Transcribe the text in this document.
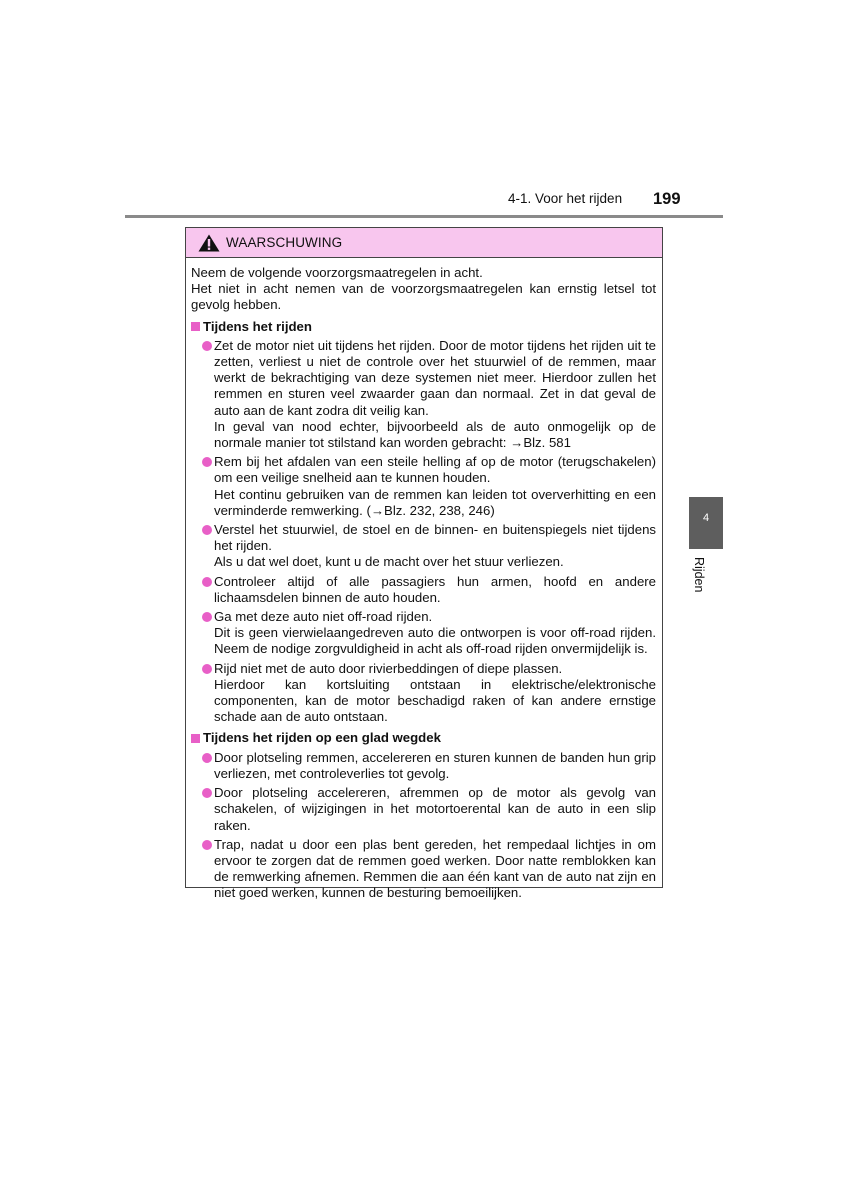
4-1. Voor het rijden 199
4
Rijden
WAARSCHUWING

Neem de volgende voorzorgsmaatregelen in acht.

Het niet in acht nemen van de voorzorgsmaatregelen kan ernstig letsel tot gevolg hebben.

Tijdens het rijden

Zet de motor niet uit tijdens het rijden. Door de motor tijdens het rijden uit te zetten, verliest u niet de controle over het stuurwiel of de remmen, maar werkt de bekrachtiging van deze systemen niet meer. Hierdoor zullen het remmen en sturen veel zwaarder gaan dan normaal. Zet in dat geval de auto aan de kant zodra dit veilig kan.

In geval van nood echter, bijvoorbeeld als de auto onmogelijk op de normale manier tot stilstand kan worden gebracht: →Blz. 581

Rem bij het afdalen van een steile helling af op de motor (terugschakelen) om een veilige snelheid aan te kunnen houden.

Het continu gebruiken van de remmen kan leiden tot oververhitting en een verminderde remwerking. (→Blz. 232, 238, 246)

Verstel het stuurwiel, de stoel en de binnen- en buitenspiegels niet tijdens het rijden.

Als u dat wel doet, kunt u de macht over het stuur verliezen.

Controleer altijd of alle passagiers hun armen, hoofd en andere lichaamsdelen binnen de auto houden.

Ga met deze auto niet off-road rijden.

Dit is geen vierwielaangedreven auto die ontworpen is voor off-road rijden. Neem de nodige zorgvuldigheid in acht als off-road rijden onvermijdelijk is.

Rijd niet met de auto door rivierbeddingen of diepe plassen.

Hierdoor kan kortsluiting ontstaan in elektrische/elektronische componenten, kan de motor beschadigd raken of kan andere ernstige schade aan de auto ontstaan.

Tijdens het rijden op een glad wegdek

Door plotseling remmen, accelereren en sturen kunnen de banden hun grip verliezen, met controleverlies tot gevolg.

Door plotseling accelereren, afremmen op de motor als gevolg van schakelen, of wijzigingen in het motortoerental kan de auto in een slip raken.

Trap, nadat u door een plas bent gereden, het rempedaal lichtjes in om ervoor te zorgen dat de remmen goed werken. Door natte remblokken kan de remwerking afnemen. Remmen die aan één kant van de auto nat zijn en niet goed werken, kunnen de besturing bemoeilijken.
